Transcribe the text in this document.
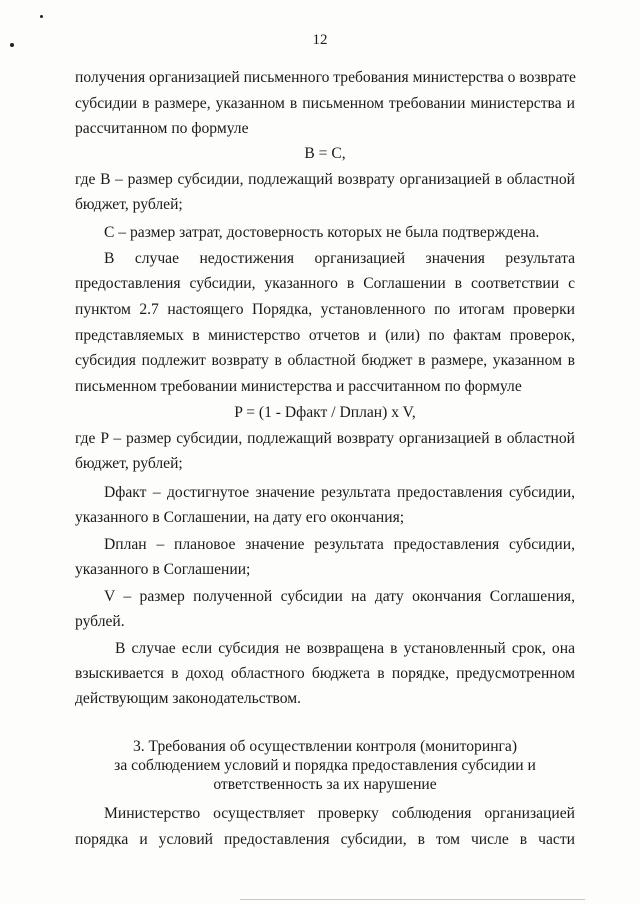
12
получения организацией письменного требования министерства о возврате
субсидии в размере, указанном в письменном требовании министерства и
рассчитанном по формуле
B = C,
где B – размер субсидии, подлежащий возврату организацией в областной
бюджет, рублей;
C – размер затрат, достоверность которых не была подтверждена.
В случае недостижения организацией значения результата
предоставления субсидии, указанного в Соглашении в соответствии с
пунктом 2.7 настоящего Порядка, установленного по итогам проверки
представляемых в министерство отчетов и (или) по фактам проверок,
субсидия подлежит возврату в областной бюджет в размере, указанном в
письменном требовании министерства и рассчитанном по формуле
P = (1 - Dфакт / Dплан) x V,
где P – размер субсидии, подлежащий возврату организацией в областной
бюджет, рублей;
Dфакт – достигнутое значение результата предоставления субсидии,
указанного в Соглашении, на дату его окончания;
Dплан – плановое значение результата предоставления субсидии,
указанного в Соглашении;
V – размер полученной субсидии на дату окончания Соглашения,
рублей.
В случае если субсидия не возвращена в установленный срок, она
взыскивается в доход областного бюджета в порядке, предусмотренном
действующим законодательством.
3. Требования об осуществлении контроля (мониторинга)
за соблюдением условий и порядка предоставления субсидии и
ответственность за их нарушение
Министерство осуществляет проверку соблюдения организацией
порядка и условий предоставления субсидии, в том числе в части
